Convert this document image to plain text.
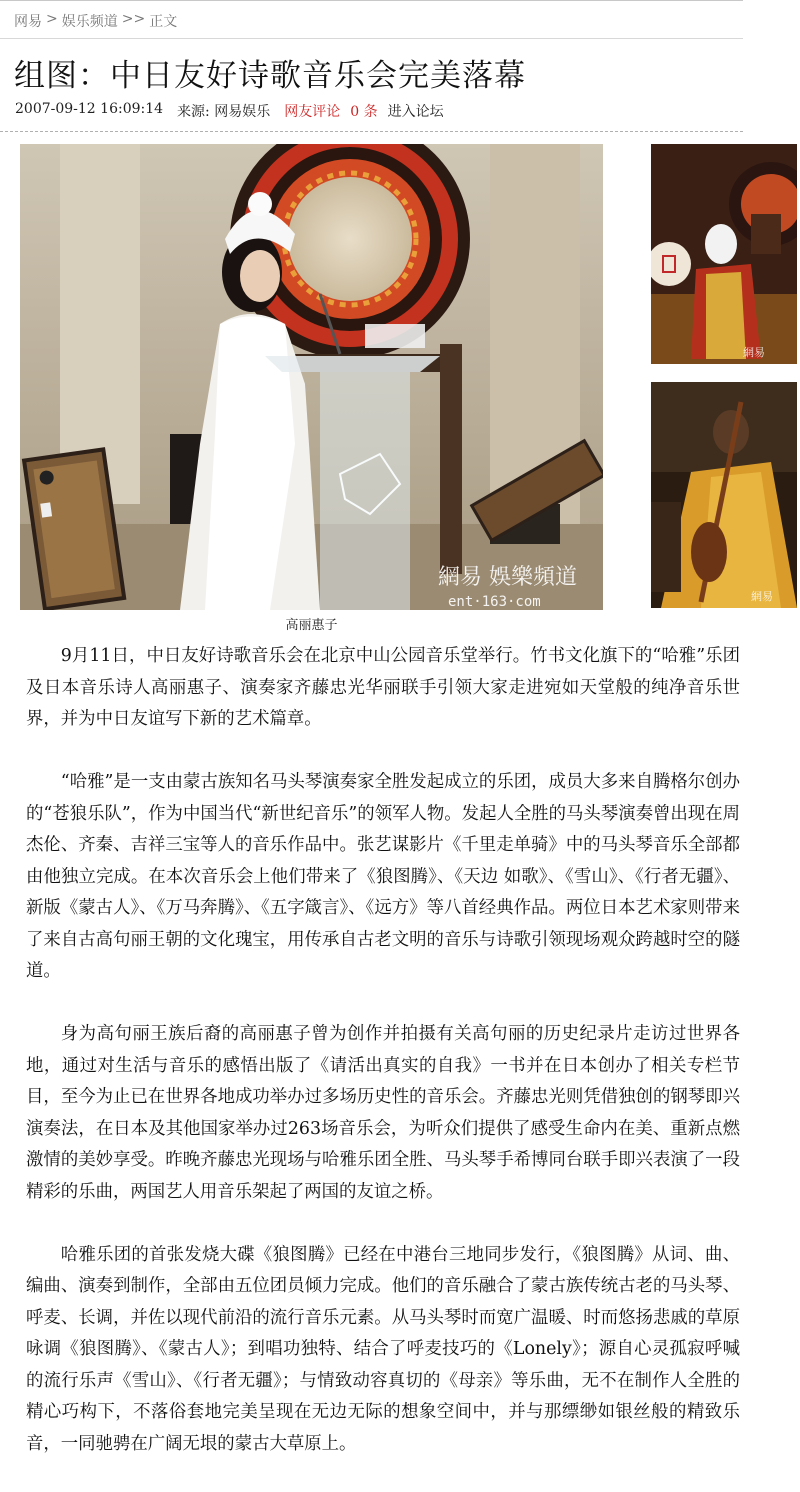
网易 > 娱乐频道 >> 正文
组图：中日友好诗歌音乐会完美落幕
2007-09-12 16:09:14 来源: 网易娱乐 网友评论 0 条 进入论坛
網易 娛樂頻道
ent·163·com
高丽惠子
網易
網易

9月11日，中日友好诗歌音乐会在北京中山公园音乐堂举行。竹书文化旗下的“哈雅”乐团及日本音乐诗人高丽惠子、演奏家齐藤忠光华丽联手引领大家走进宛如天堂般的纯净音乐世界，并为中日友谊写下新的艺术篇章。

“哈雅”是一支由蒙古族知名马头琴演奏家全胜发起成立的乐团，成员大多来自腾格尔创办的“苍狼乐队”，作为中国当代“新世纪音乐”的领军人物。发起人全胜的马头琴演奏曾出现在周杰伦、齐秦、吉祥三宝等人的音乐作品中。张艺谋影片《千里走单骑》中的马头琴音乐全部都由他独立完成。在本次音乐会上他们带来了《狼图腾》、《天边 如歌》、《雪山》、《行者无疆》、新版《蒙古人》、《万马奔腾》、《五字箴言》、《远方》等八首经典作品。两位日本艺术家则带来了来自古高句丽王朝的文化瑰宝，用传承自古老文明的音乐与诗歌引领现场观众跨越时空的隧道。

身为高句丽王族后裔的高丽惠子曾为创作并拍摄有关高句丽的历史纪录片走访过世界各地，通过对生活与音乐的感悟出版了《请活出真实的自我》一书并在日本创办了相关专栏节目，至今为止已在世界各地成功举办过多场历史性的音乐会。齐藤忠光则凭借独创的钢琴即兴演奏法，在日本及其他国家举办过263场音乐会，为听众们提供了感受生命内在美、重新点燃激情的美妙享受。昨晚齐藤忠光现场与哈雅乐团全胜、马头琴手希博同台联手即兴表演了一段精彩的乐曲，两国艺人用音乐架起了两国的友谊之桥。

哈雅乐团的首张发烧大碟《狼图腾》已经在中港台三地同步发行，《狼图腾》从词、曲、编曲、演奏到制作，全部由五位团员倾力完成。他们的音乐融合了蒙古族传统古老的马头琴、呼麦、长调，并佐以现代前沿的流行音乐元素。从马头琴时而宽广温暖、时而悠扬悲戚的草原咏调《狼图腾》、《蒙古人》；到唱功独特、结合了呼麦技巧的《Lonely》；源自心灵孤寂呼喊的流行乐声《雪山》、《行者无疆》；与情致动容真切的《母亲》等乐曲，无不在制作人全胜的精心巧构下，不落俗套地完美呈现在无边无际的想象空间中，并与那缥缈如银丝般的精致乐音，一同驰骋在广阔无垠的蒙古大草原上。
